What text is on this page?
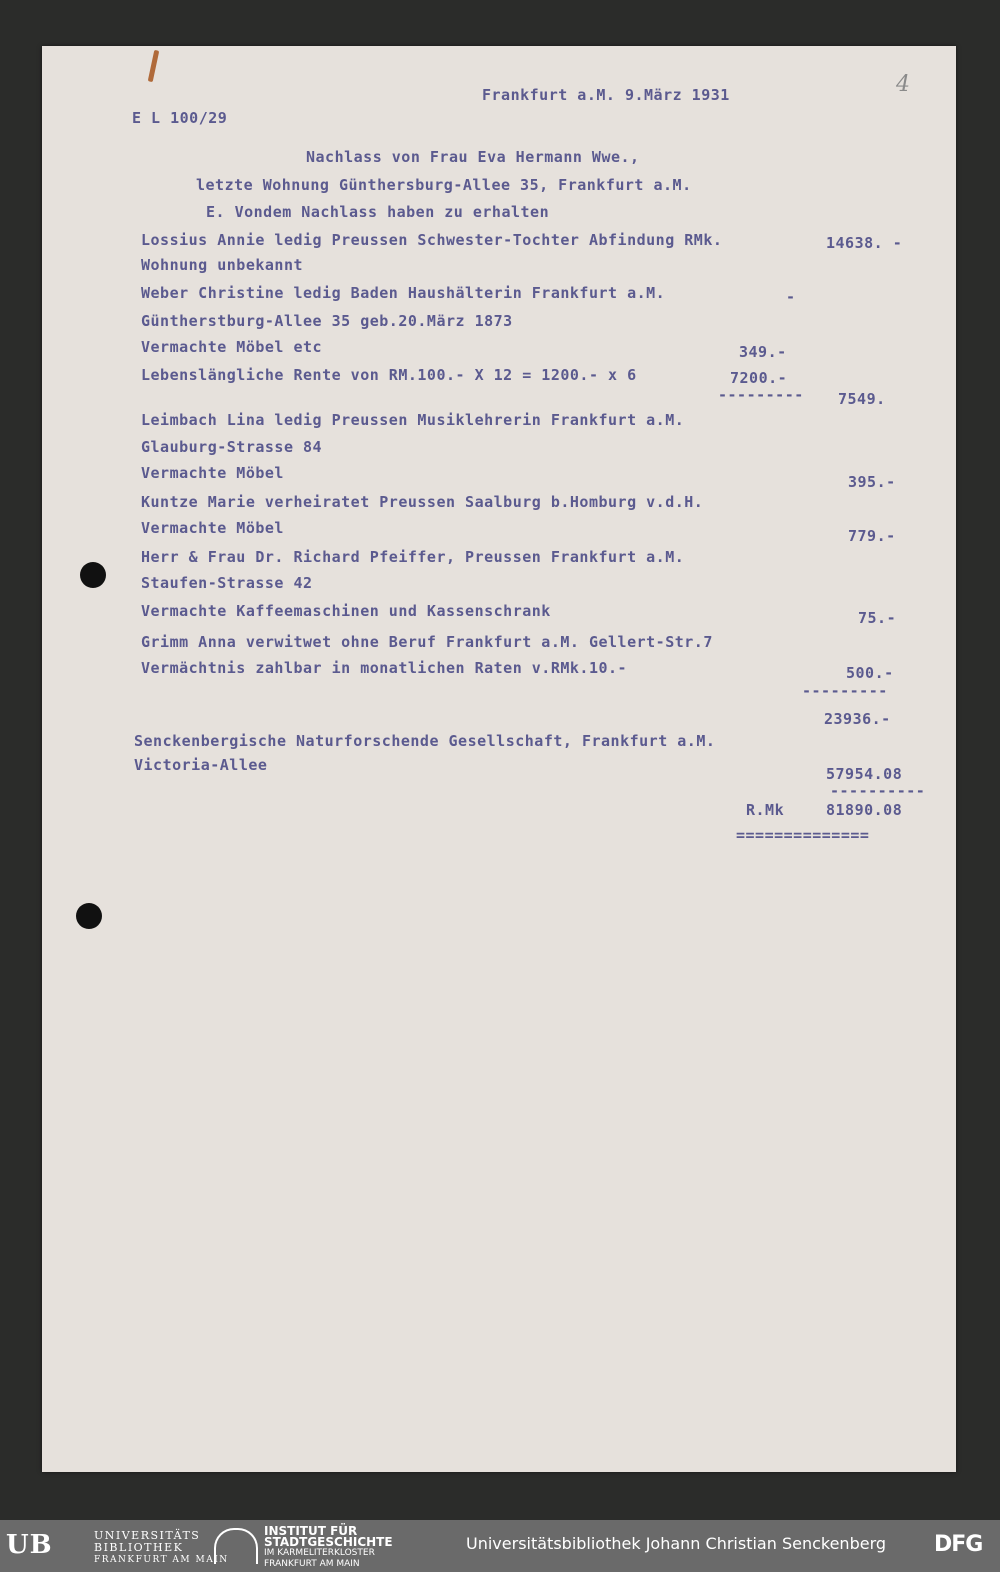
4
Frankfurt a.M. 9.März 1931
E L 100/29
Nachlass von Frau Eva Hermann Wwe.,
letzte Wohnung Günthersburg-Allee 35, Frankfurt a.M.
E. Vondem Nachlass haben zu erhalten
Lossius Annie ledig Preussen Schwester-Tochter Abfindung RMk.	14638. -
Wohnung unbekannt
Weber Christine ledig Baden Haushälterin Frankfurt a.M.	-
Güntherstburg-Allee 35 geb.20.März 1873
Vermachte Möbel etc	349.-
Lebenslängliche Rente von RM.100.- X 12 = 1200.- x 6	7200.-
--------- 7549.
Leimbach Lina ledig Preussen Musiklehrerin Frankfurt a.M.
Glauburg-Strasse 84
Vermachte Möbel	395.-
Kuntze Marie verheiratet Preussen Saalburg b.Homburg v.d.H.
Vermachte Möbel	779.-
Herr & Frau Dr. Richard Pfeiffer, Preussen Frankfurt a.M.
Staufen-Strasse 42
Vermachte Kaffeemaschinen und Kassenschrank	75.-
Grimm Anna verwitwet ohne Beruf Frankfurt a.M. Gellert-Str.7
Vermächtnis zahlbar in monatlichen Raten v.RMk.10.-	500.-
---------
23936.-
Senckenbergische Naturforschende Gesellschaft, Frankfurt a.M.
Victoria-Allee	57954.08
----------
R.Mk	81890.08
==============
UB	UNIVERSITÄTS
BIBLIOTHEK
FRANKFURT AM MAIN
INSTITUT FÜR
STADTGESCHICHTE
IM KARMELITERKLOSTER
FRANKFURT AM MAIN
Universitätsbibliothek Johann Christian Senckenberg DFG
